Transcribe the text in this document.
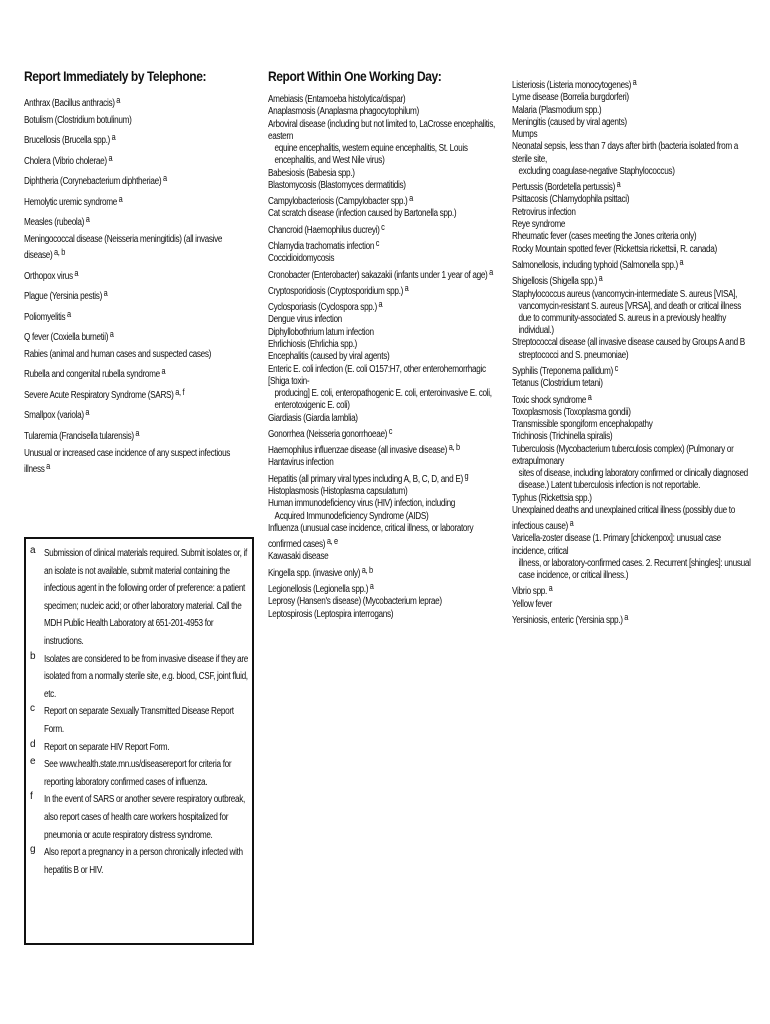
Report Immediately by Telephone:
Anthrax (Bacillus anthracis) a
Botulism (Clostridium botulinum)
Brucellosis (Brucella spp.) a
Cholera (Vibrio cholerae) a
Diphtheria (Corynebacterium diphtheriae) a
Hemolytic uremic syndrome a
Measles (rubeola) a
Meningococcal disease (Neisseria meningitidis) (all invasive disease) a, b
Orthopox virus a
Plague (Yersinia pestis) a
Poliomyelitis a
Q fever (Coxiella burnetii) a
Rabies (animal and human cases and suspected cases)
Rubella and congenital rubella syndrome a
Severe Acute Respiratory Syndrome (SARS) a, f
Smallpox (variola) a
Tularemia (Francisella tularensis) a
Unusual or increased case incidence of any suspect infectious illness a
a Submission of clinical materials required. Submit isolates or, if an isolate is not available, submit material containing the infectious agent in the following order of preference: a patient specimen; nucleic acid; or other laboratory material. Call the MDH Public Health Laboratory at 651-201-4953 for instructions.
b Isolates are considered to be from invasive disease if they are isolated from a normally sterile site, e.g. blood, CSF, joint fluid, etc.
c Report on separate Sexually Transmitted Disease Report Form.
d Report on separate HIV Report Form.
e See www.health.state.mn.us/diseasereport for criteria for reporting laboratory confirmed cases of influenza.
f In the event of SARS or another severe respiratory outbreak, also report cases of health care workers hospitalized for pneumonia or acute respiratory distress syndrome.
g Also report a pregnancy in a person chronically infected with hepatitis B or HIV.
Report Within One Working Day:
Amebiasis (Entamoeba histolytica/dispar)
Anaplasmosis (Anaplasma phagocytophilum)
Arboviral disease (including but not limited to, LaCrosse encephalitis, eastern
equine encephalitis, western equine encephalitis, St. Louis encephalitis, and West Nile virus)
Babesiosis (Babesia spp.)
Blastomycosis (Blastomyces dermatitidis)
Campylobacteriosis (Campylobacter spp.) a
Cat scratch disease (infection caused by Bartonella spp.)
Chancroid (Haemophilus ducreyi) c
Chlamydia trachomatis infection c
Coccidioidomycosis
Cronobacter (Enterobacter) sakazakii (infants under 1 year of age) a
Cryptosporidiosis (Cryptosporidium spp.) a
Cyclosporiasis (Cyclospora spp.) a
Dengue virus infection
Diphyllobothrium latum infection
Ehrlichiosis (Ehrlichia spp.)
Encephalitis (caused by viral agents)
Enteric E. coli infection (E. coli O157:H7, other enterohemorrhagic [Shiga toxin-
producing] E. coli, enteropathogenic E. coli, enteroinvasive E. coli, enterotoxigenic E. coli)
Giardiasis (Giardia lamblia)
Gonorrhea (Neisseria gonorrhoeae) c
Haemophilus influenzae disease (all invasive disease) a, b
Hantavirus infection
Hepatitis (all primary viral types including A, B, C, D, and E) g
Histoplasmosis (Histoplasma capsulatum)
Human immunodeficiency virus (HIV) infection, including
Acquired Immunodeficiency Syndrome (AIDS)
Influenza (unusual case incidence, critical illness, or laboratory confirmed cases) a, e
Kawasaki disease
Kingella spp. (invasive only) a, b
Legionellosis (Legionella spp.) a
Leprosy (Hansen's disease) (Mycobacterium leprae)
Leptospirosis (Leptospira interrogans)
Listeriosis (Listeria monocytogenes) a
Lyme disease (Borrelia burgdorferi)
Malaria (Plasmodium spp.)
Meningitis (caused by viral agents)
Mumps
Neonatal sepsis, less than 7 days after birth (bacteria isolated from a sterile site,
excluding coagulase-negative Staphylococcus)
Pertussis (Bordetella pertussis) a
Psittacosis (Chlamydophila psittaci)
Retrovirus infection
Reye syndrome
Rheumatic fever (cases meeting the Jones criteria only)
Rocky Mountain spotted fever (Rickettsia rickettsii, R. canada)
Salmonellosis, including typhoid (Salmonella spp.) a
Shigellosis (Shigella spp.) a
Staphylococcus aureus (vancomycin-intermediate S. aureus [VISA],
vancomycin-resistant S. aureus [VRSA], and death or critical illness due to community-associated S. aureus in a previously healthy individual.)
Streptococcal disease (all invasive disease caused by Groups A and B
streptococci and S. pneumoniae)
Syphilis (Treponema pallidum) c
Tetanus (Clostridium tetani)
Toxic shock syndrome a
Toxoplasmosis (Toxoplasma gondii)
Transmissible spongiform encephalopathy
Trichinosis (Trichinella spiralis)
Tuberculosis (Mycobacterium tuberculosis complex) (Pulmonary or extrapulmonary
sites of disease, including laboratory confirmed or clinically diagnosed disease.) Latent tuberculosis infection is not reportable.
Typhus (Rickettsia spp.)
Unexplained deaths and unexplained critical illness (possibly due to infectious cause) a
Varicella-zoster disease (1. Primary [chickenpox]: unusual case incidence, critical
illness, or laboratory-confirmed cases. 2. Recurrent [shingles]: unusual case incidence, or critical illness.)
Vibrio spp. a
Yellow fever
Yersiniosis, enteric (Yersinia spp.) a
